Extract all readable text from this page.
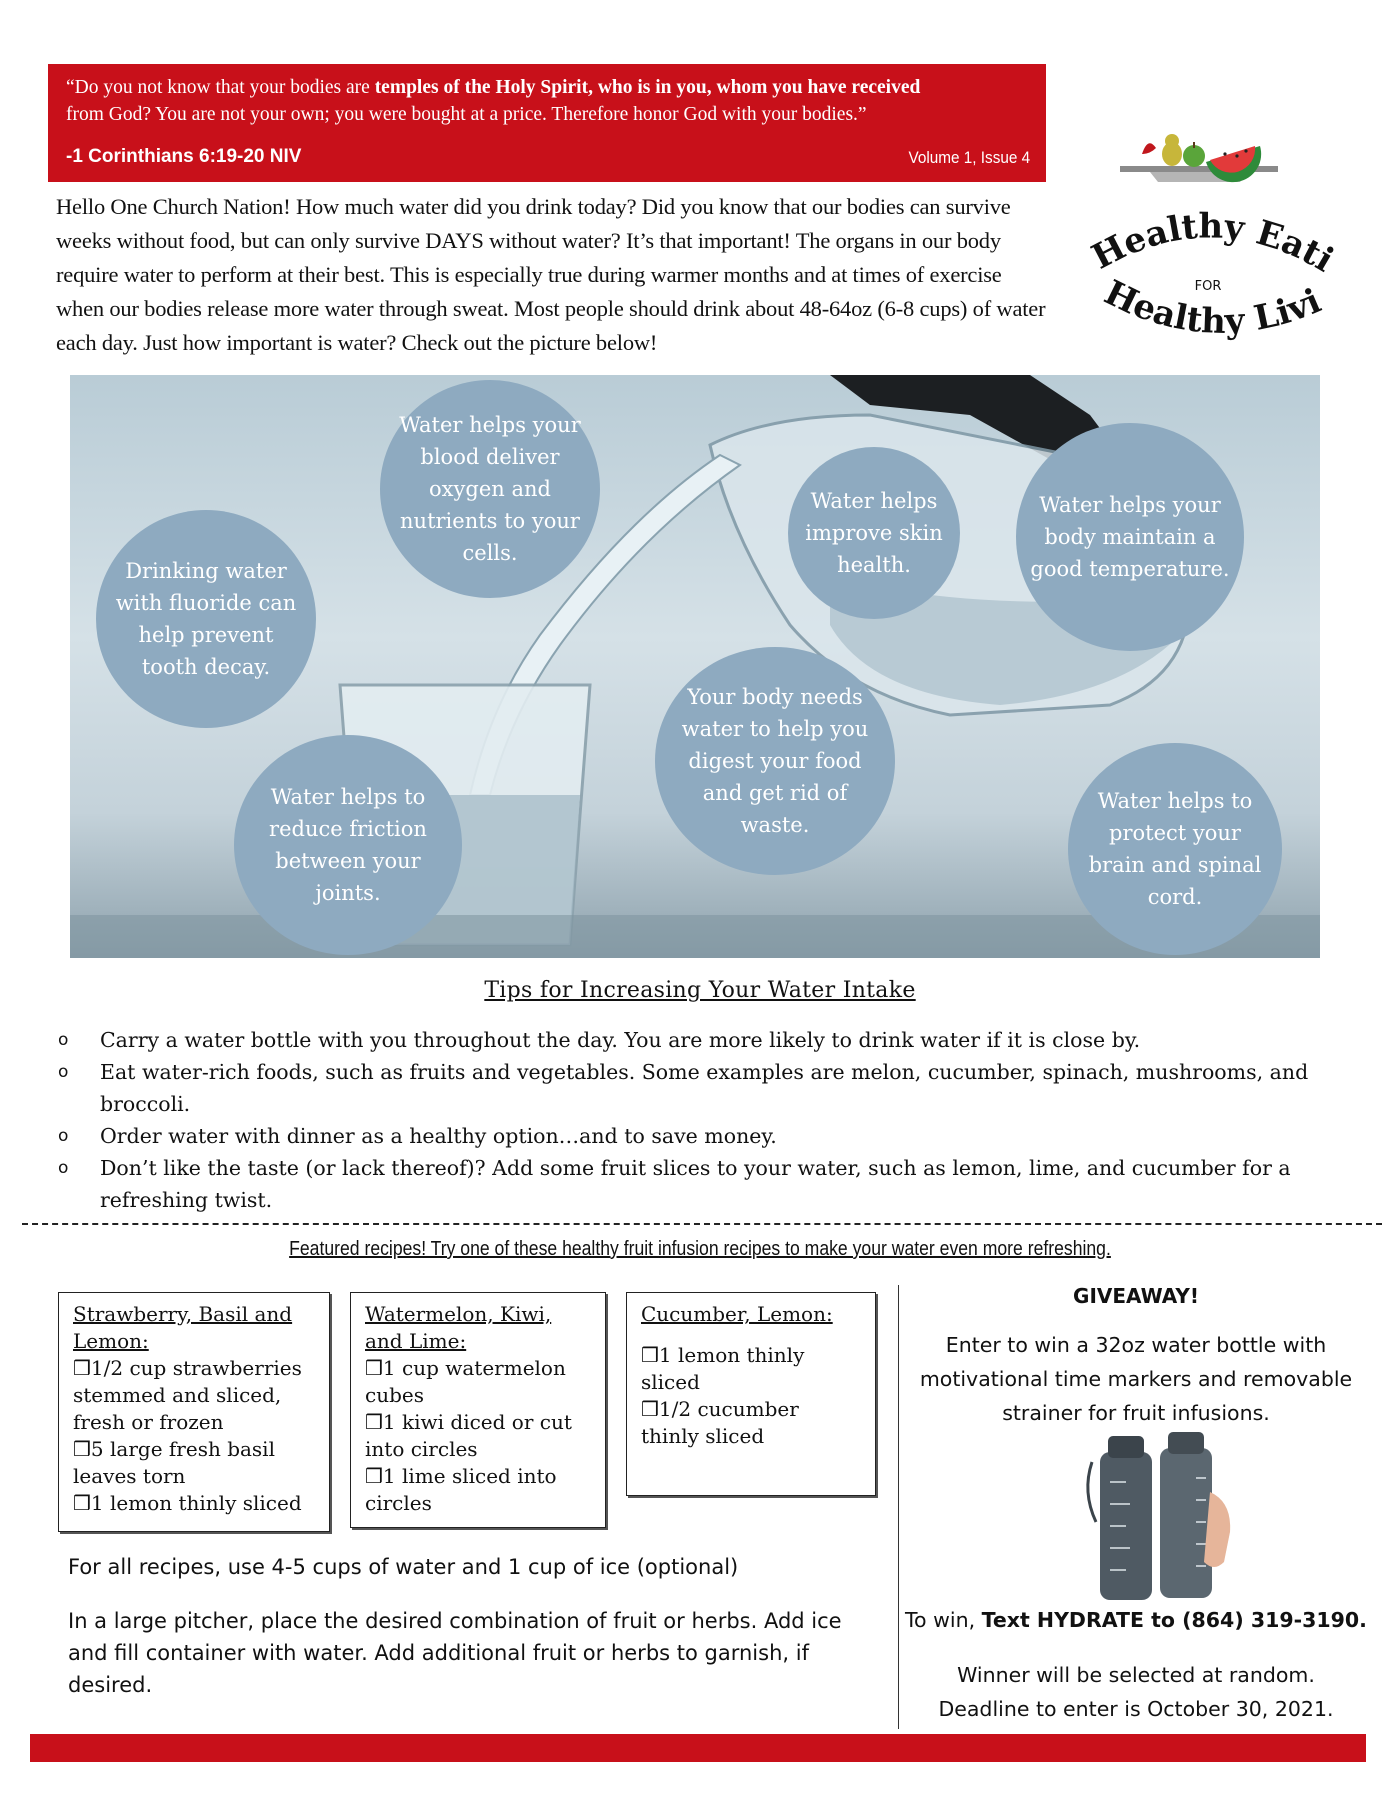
“Do you not know that your bodies are temples of the Holy Spirit, who is in you, whom you have received
from God? You are not your own; you were bought at a price. Therefore honor God with your bodies.”
-1 Corinthians 6:19-20 NIV	Volume 1, Issue 4
Healthy Eati
FOR
Healthy Livi
Hello One Church Nation! How much water did you drink today? Did you know that our bodies can survive weeks without food, but can only survive DAYS without water? It’s that important! The organs in our body require water to perform at their best. This is especially true during warmer months and at times of exercise when our bodies release more water through sweat. Most people should drink about 48-64oz (6-8 cups) of water each day. Just how important is water? Check out the picture below!
Water helps your blood deliver oxygen and nutrients to your cells.
Drinking water with fluoride can help prevent tooth decay.
Water helps improve skin health.
Water helps your body maintain a good temperature.
Your body needs water to help you digest your food and get rid of waste.
Water helps to reduce friction between your joints.
Water helps to protect your brain and spinal cord.
Tips for Increasing Your Water Intake
o Carry a water bottle with you throughout the day. You are more likely to drink water if it is close by.
o Eat water-rich foods, such as fruits and vegetables. Some examples are melon, cucumber, spinach, mushrooms, and broccoli.
o Order water with dinner as a healthy option…and to save money.
o Don’t like the taste (or lack thereof)? Add some fruit slices to your water, such as lemon, lime, and cucumber for a refreshing twist.
Featured recipes! Try one of these healthy fruit infusion recipes to make your water even more refreshing.
Strawberry, Basil and Lemon:
❒1/2 cup strawberries stemmed and sliced, fresh or frozen
❒5 large fresh basil leaves torn
❒1 lemon thinly sliced
Watermelon, Kiwi, and Lime:
❒1 cup watermelon cubes
❒1 kiwi diced or cut into circles
❒1 lime sliced into circles
Cucumber, Lemon:
❒1 lemon thinly sliced
❒1/2 cucumber thinly sliced
For all recipes, use 4-5 cups of water and 1 cup of ice (optional)
In a large pitcher, place the desired combination of fruit or herbs. Add ice and fill container with water. Add additional fruit or herbs to garnish, if desired.
GIVEAWAY!
Enter to win a 32oz water bottle with motivational time markers and removable strainer for fruit infusions.
To win, Text HYDRATE to (864) 319-3190.
Winner will be selected at random.
Deadline to enter is October 30, 2021.
